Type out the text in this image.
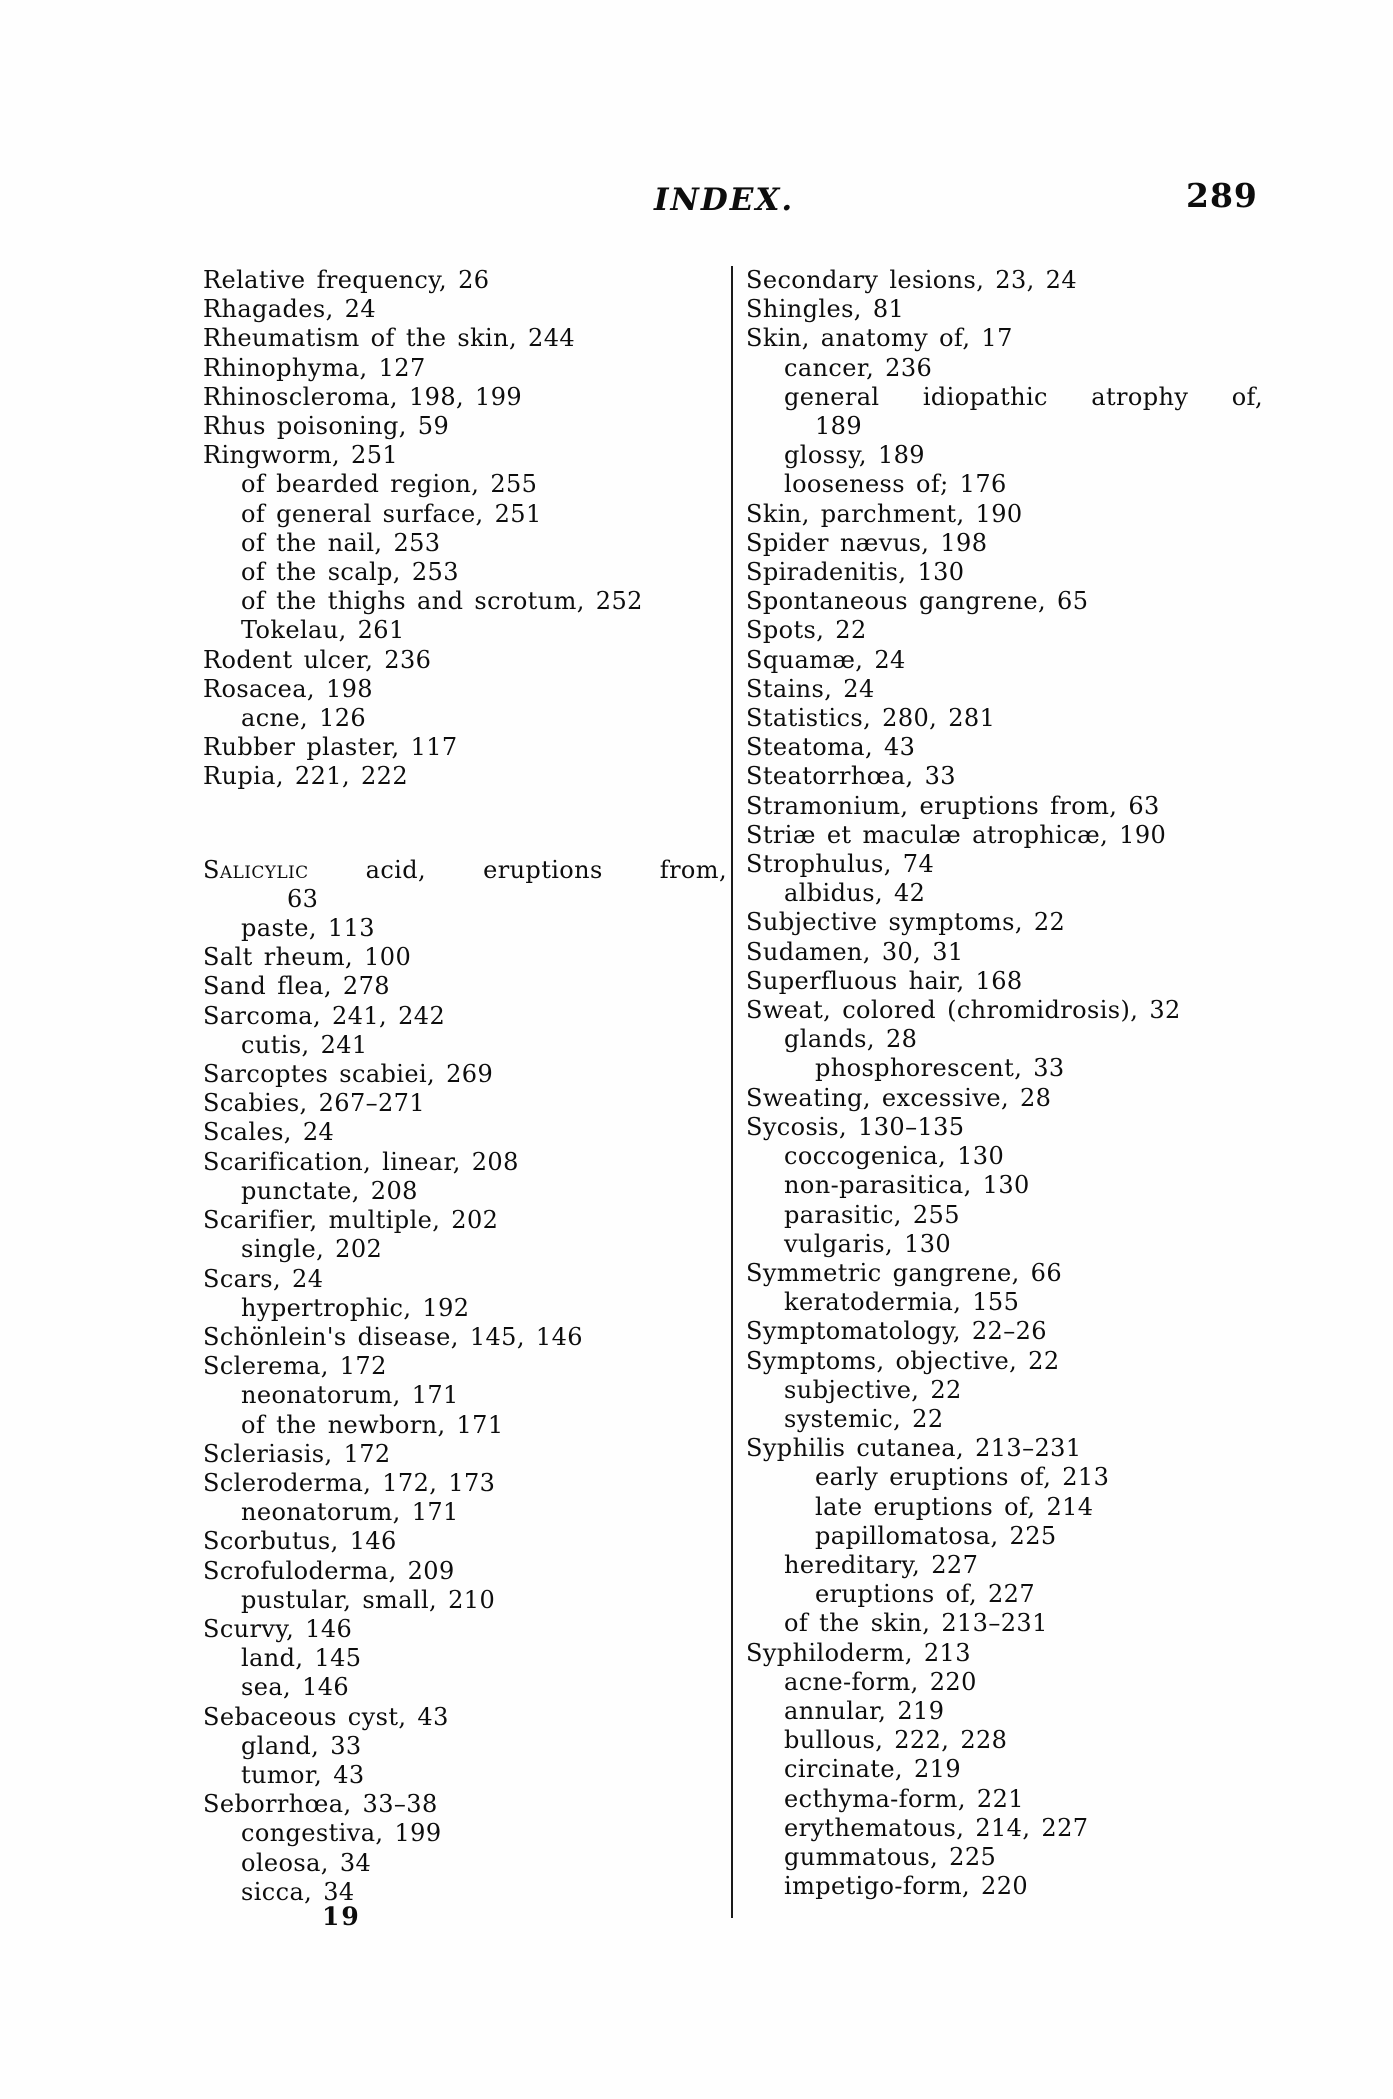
INDEX.	289
Relative frequency, 26
Rhagades, 24
Rheumatism of the skin, 244
Rhinophyma, 127
Rhinoscleroma, 198, 199
Rhus poisoning, 59
Ringworm, 251
of bearded region, 255
of general surface, 251
of the nail, 253
of the scalp, 253
of the thighs and scrotum, 252
Tokelau, 261
Rodent ulcer, 236
Rosacea, 198
acne, 126
Rubber plaster, 117
Rupia, 221, 222
Salicylic acid, eruptions from,
63
paste, 113
Salt rheum, 100
Sand flea, 278
Sarcoma, 241, 242
cutis, 241
Sarcoptes scabiei, 269
Scabies, 267–271
Scales, 24
Scarification, linear, 208
punctate, 208
Scarifier, multiple, 202
single, 202
Scars, 24
hypertrophic, 192
Schönlein's disease, 145, 146
Sclerema, 172
neonatorum, 171
of the newborn, 171
Scleriasis, 172
Scleroderma, 172, 173
neonatorum, 171
Scorbutus, 146
Scrofuloderma, 209
pustular, small, 210
Scurvy, 146
land, 145
sea, 146
Sebaceous cyst, 43
gland, 33
tumor, 43
Seborrhœa, 33–38
congestiva, 199
oleosa, 34
sicca, 34
Secondary lesions, 23, 24
Shingles, 81
Skin, anatomy of, 17
cancer, 236
general idiopathic atrophy of,
189
glossy, 189
looseness of; 176
Skin, parchment, 190
Spider nævus, 198
Spiradenitis, 130
Spontaneous gangrene, 65
Spots, 22
Squamæ, 24
Stains, 24
Statistics, 280, 281
Steatoma, 43
Steatorrhœa, 33
Stramonium, eruptions from, 63
Striæ et maculæ atrophicæ, 190
Strophulus, 74
albidus, 42
Subjective symptoms, 22
Sudamen, 30, 31
Superfluous hair, 168
Sweat, colored (chromidrosis), 32
glands, 28
phosphorescent, 33
Sweating, excessive, 28
Sycosis, 130–135
coccogenica, 130
non-parasitica, 130
parasitic, 255
vulgaris, 130
Symmetric gangrene, 66
keratodermia, 155
Symptomatology, 22–26
Symptoms, objective, 22
subjective, 22
systemic, 22
Syphilis cutanea, 213–231
early eruptions of, 213
late eruptions of, 214
papillomatosa, 225
hereditary, 227
eruptions of, 227
of the skin, 213–231
Syphiloderm, 213
acne-form, 220
annular, 219
bullous, 222, 228
circinate, 219
ecthyma-form, 221
erythematous, 214, 227
gummatous, 225
impetigo-form, 220
19
